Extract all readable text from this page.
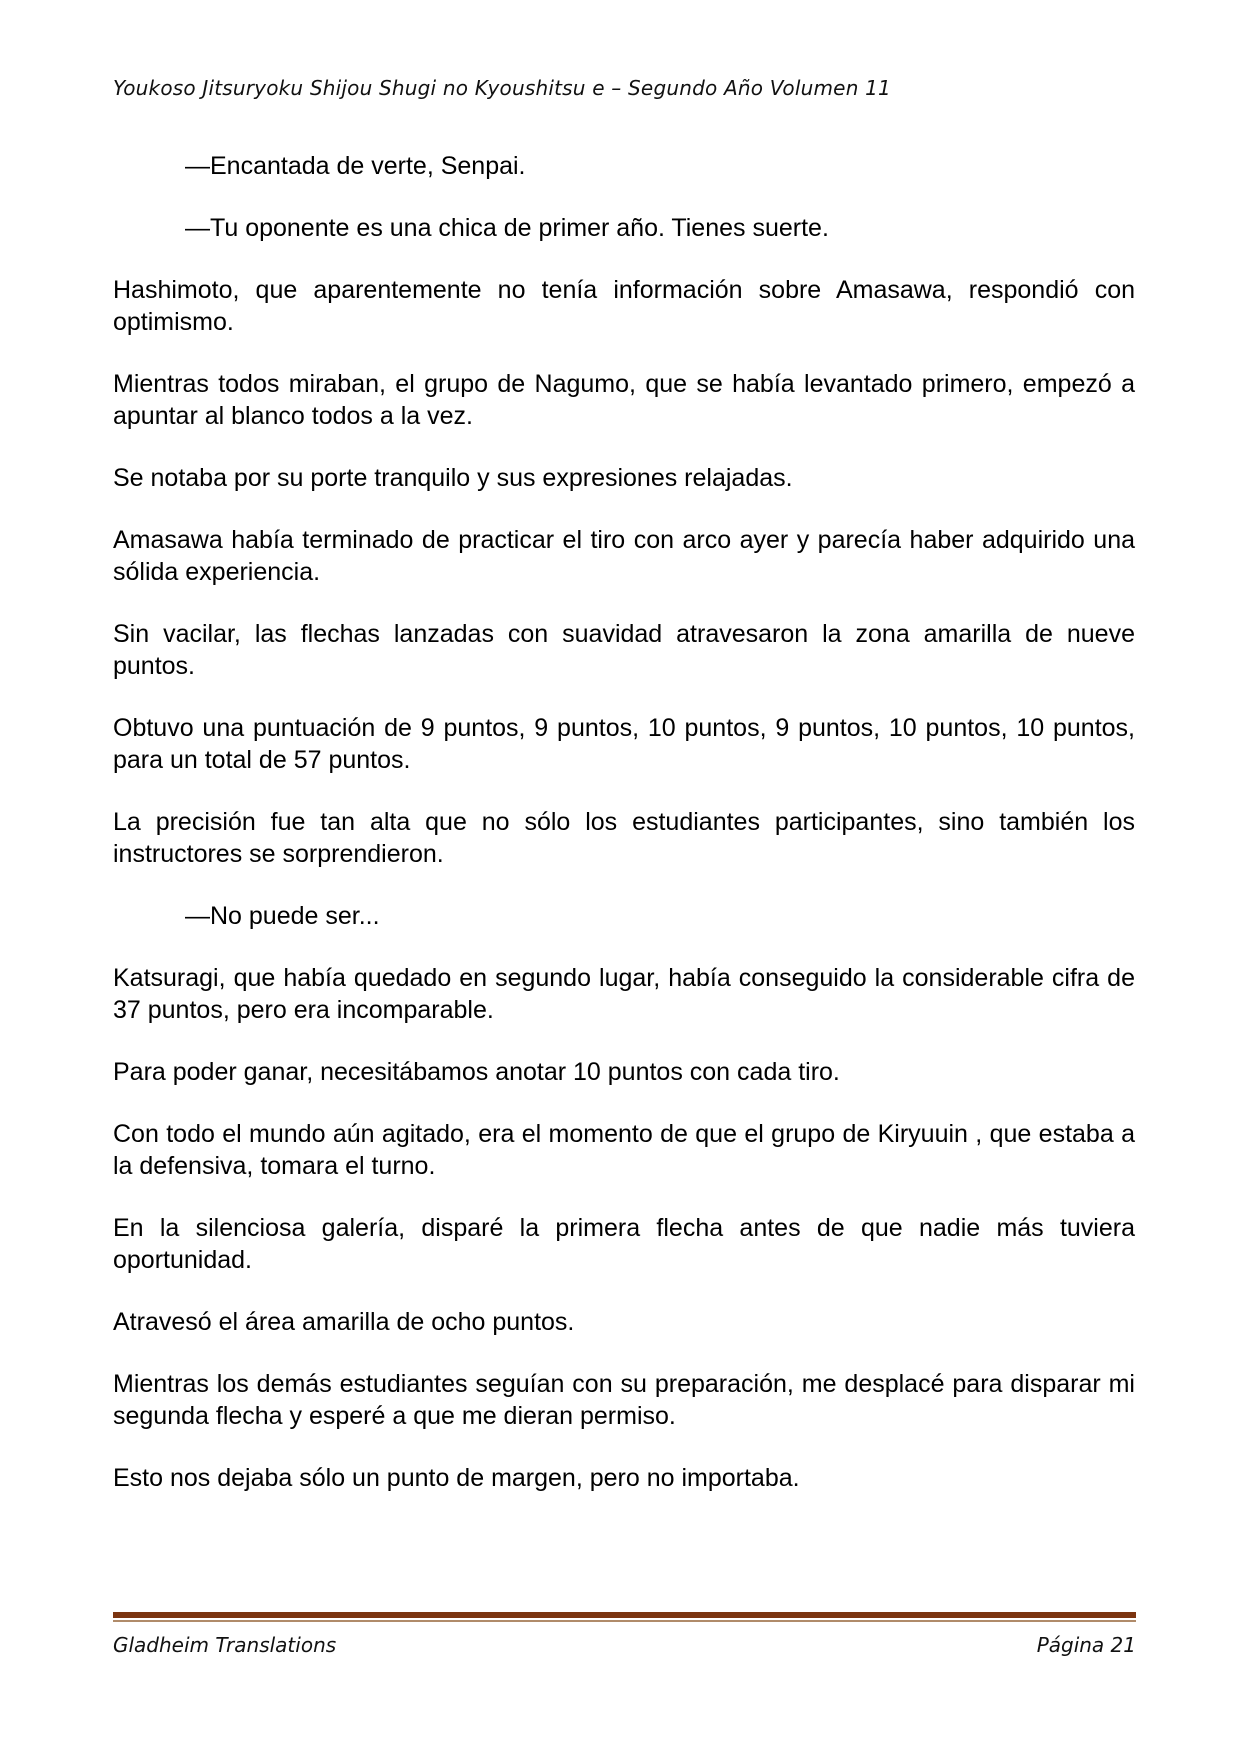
Youkoso Jitsuryoku Shijou Shugi no Kyoushitsu e – Segundo Año Volumen 11

—Encantada de verte, Senpai.

—Tu oponente es una chica de primer año. Tienes suerte.

Hashimoto, que aparentemente no tenía información sobre Amasawa, respondió con optimismo.

Mientras todos miraban, el grupo de Nagumo, que se había levantado primero, empezó a apuntar al blanco todos a la vez.

Se notaba por su porte tranquilo y sus expresiones relajadas.

Amasawa había terminado de practicar el tiro con arco ayer y parecía haber adquirido una sólida experiencia.

Sin vacilar, las flechas lanzadas con suavidad atravesaron la zona amarilla de nueve puntos.

Obtuvo una puntuación de 9 puntos, 9 puntos, 10 puntos, 9 puntos, 10 puntos, 10 puntos, para un total de 57 puntos.

La precisión fue tan alta que no sólo los estudiantes participantes, sino también los instructores se sorprendieron.

—No puede ser...

Katsuragi, que había quedado en segundo lugar, había conseguido la considerable cifra de 37 puntos, pero era incomparable.

Para poder ganar, necesitábamos anotar 10 puntos con cada tiro.

Con todo el mundo aún agitado, era el momento de que el grupo de Kiryuuin , que estaba a la defensiva, tomara el turno.

En la silenciosa galería, disparé la primera flecha antes de que nadie más tuviera oportunidad.

Atravesó el área amarilla de ocho puntos.

Mientras los demás estudiantes seguían con su preparación, me desplacé para disparar mi segunda flecha y esperé a que me dieran permiso.

Esto nos dejaba sólo un punto de margen, pero no importaba.

Gladheim Translations	Página 21
